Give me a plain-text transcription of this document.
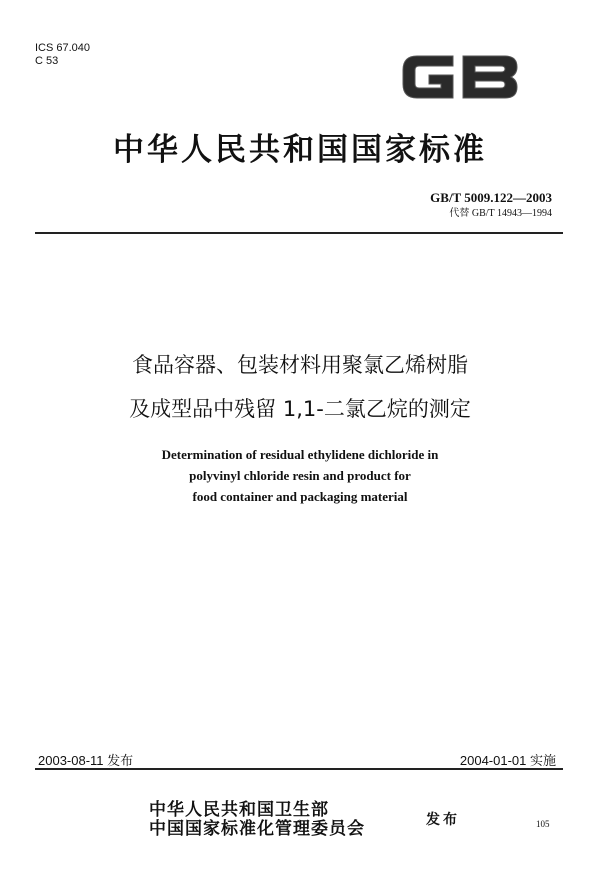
ICS 67.040
C 53
中华人民共和国国家标准
GB/T 5009.122—2003
代替 GB/T 14943—1994
食品容器、包装材料用聚氯乙烯树脂
及成型品中残留 1,1-二氯乙烷的测定
Determination of residual ethylidene dichloride in
polyvinyl chloride resin and product for
food container and packaging material
2003-08-11 发布	2004-01-01 实施
中华人民共和国卫生部
中国国家标准化管理委员会	发布	105
